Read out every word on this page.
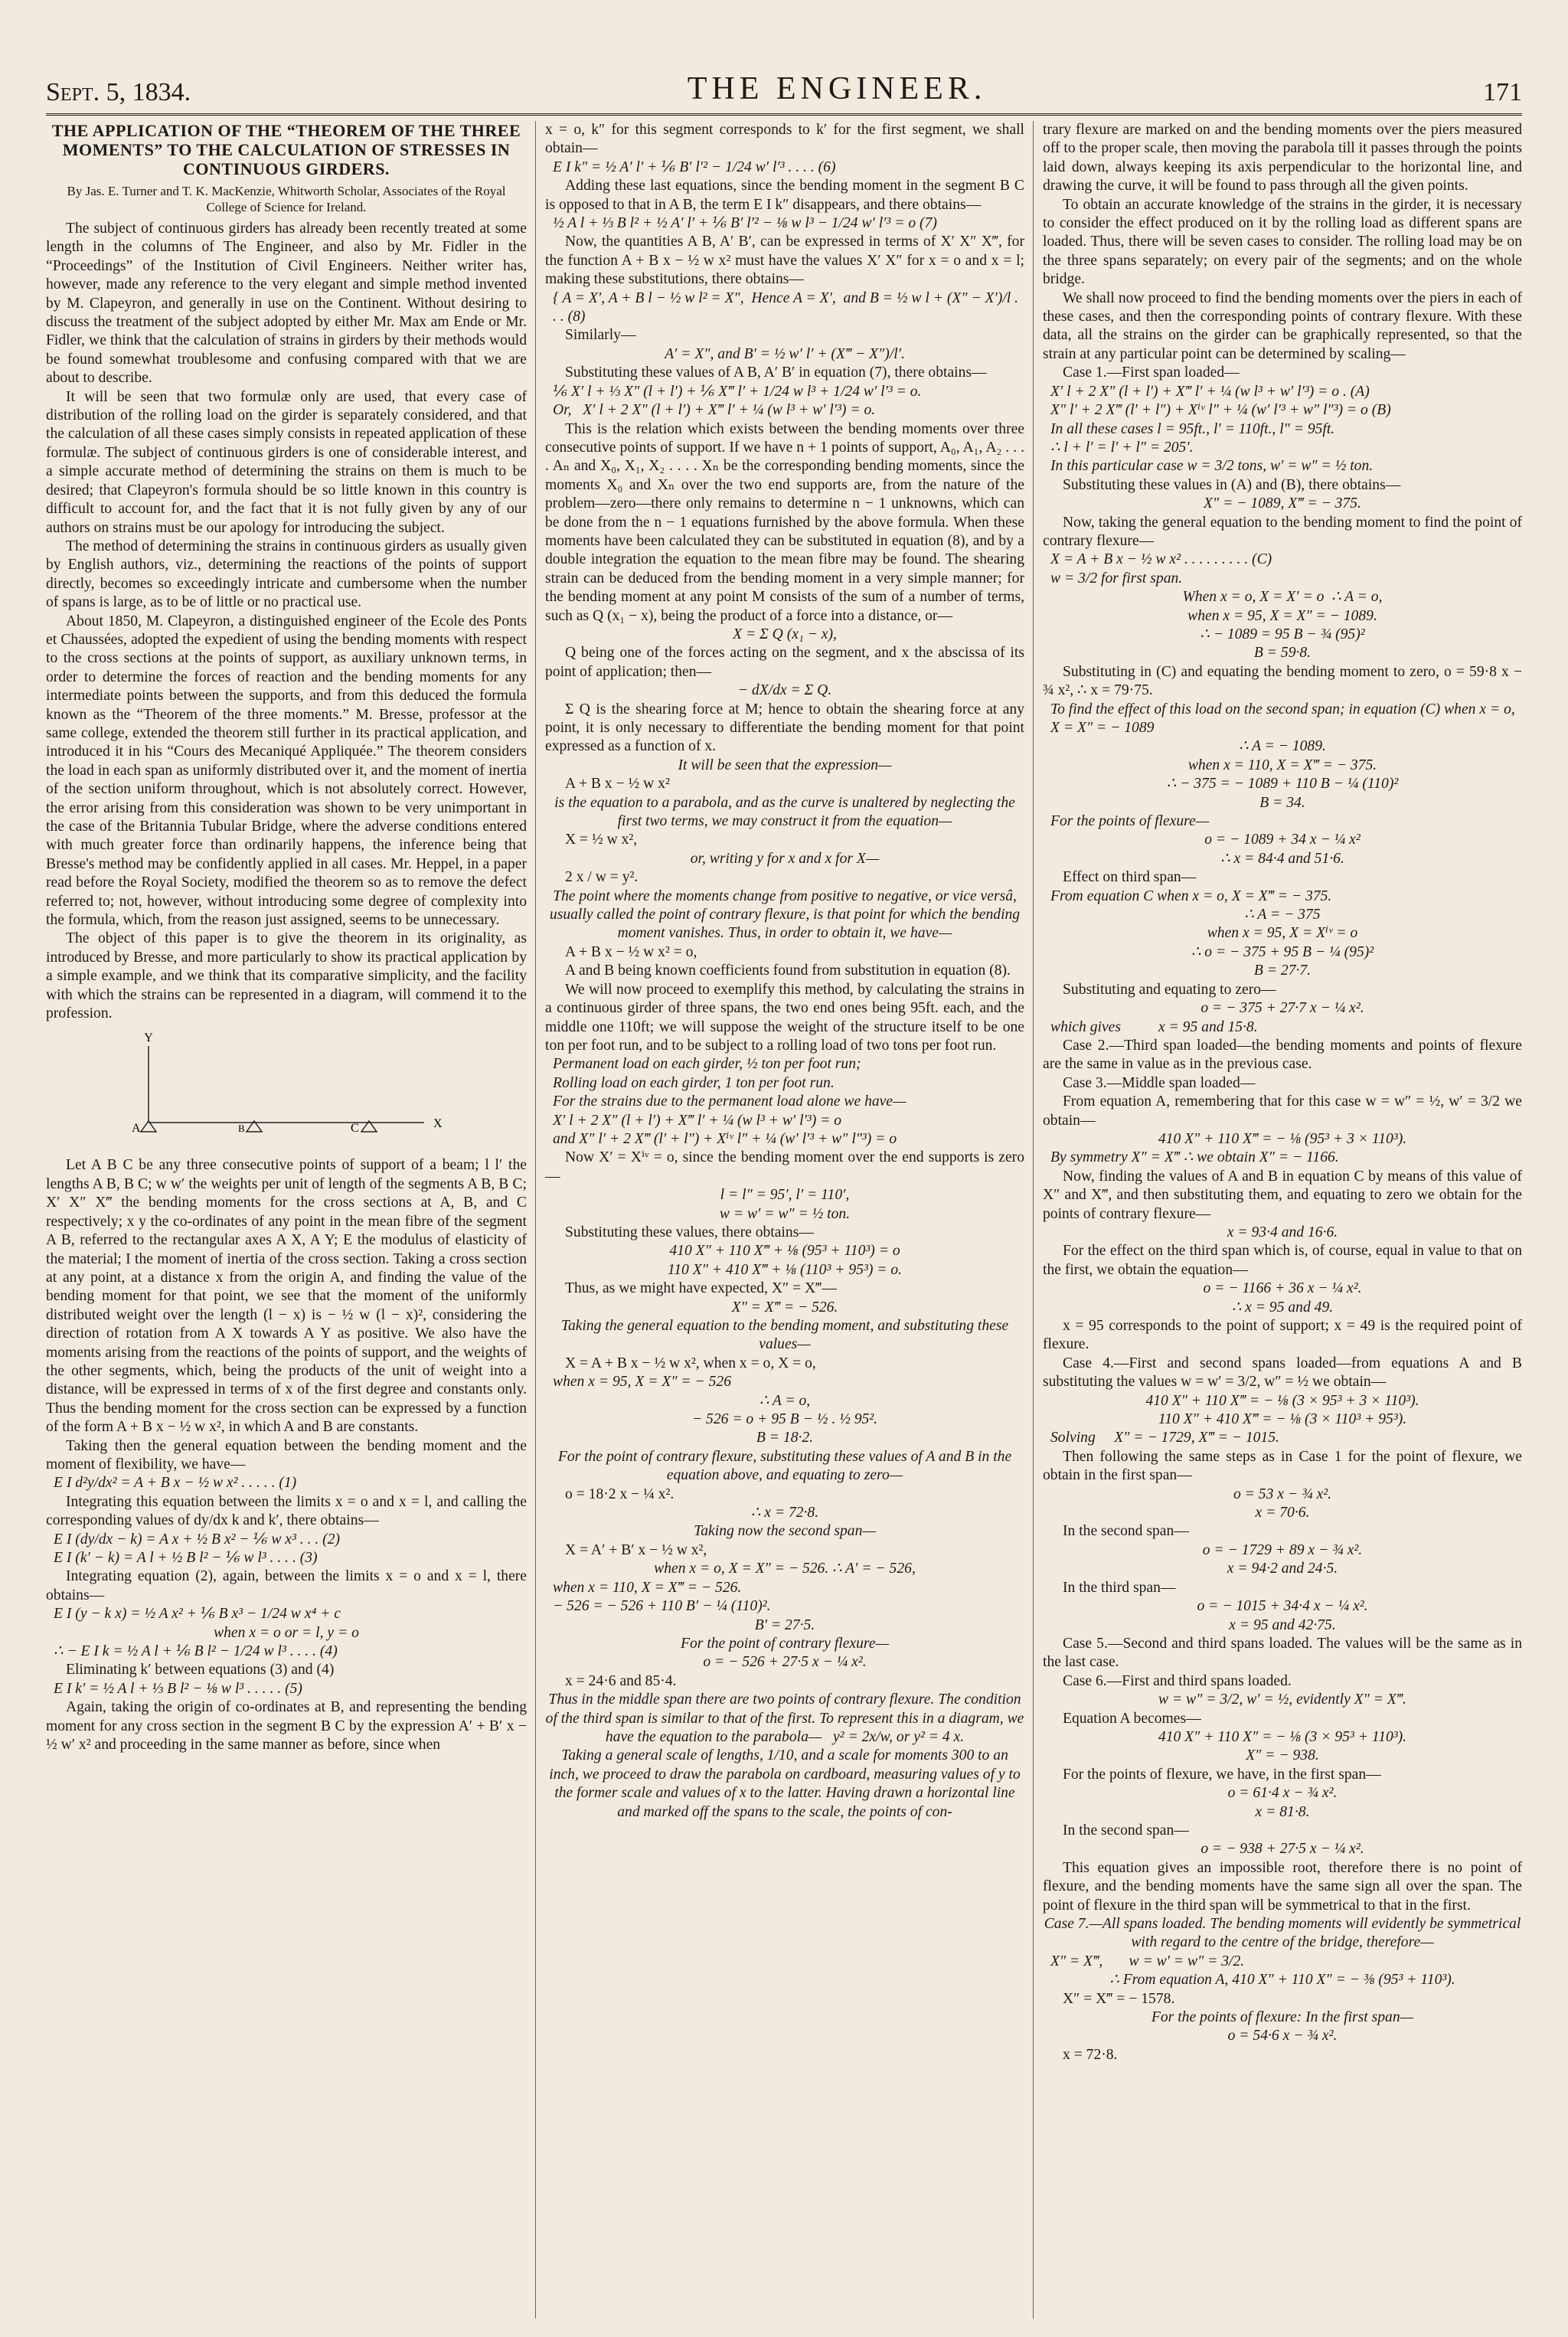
Sept. 5, 1834.	THE ENGINEER.	171
THE APPLICATION OF THE “THEOREM OF THE THREE MOMENTS” TO THE CALCULATION OF STRESSES IN CONTINUOUS GIRDERS.

By Jas. E. Turner and T. K. MacKenzie, Whitworth Scholar, Associates of the Royal College of Science for Ireland.

The subject of continuous girders has already been recently treated at some length in the columns of The Engineer, and also by Mr. Fidler in the “Proceedings” of the Institution of Civil Engineers. Neither writer has, however, made any reference to the very elegant and simple method invented by M. Clapeyron, and generally in use on the Continent. Without desiring to discuss the treatment of the subject adopted by either Mr. Max am Ende or Mr. Fidler, we think that the calculation of strains in girders by their methods would be found somewhat troublesome and confusing compared with that we are about to describe.

It will be seen that two formulæ only are used, that every case of distribution of the rolling load on the girder is separately considered, and that the calculation of all these cases simply consists in repeated application of these formulæ. The subject of continuous girders is one of considerable interest, and a simple accurate method of determining the strains on them is much to be desired; that Clapeyron's formula should be so little known in this country is difficult to account for, and the fact that it is not fully given by any of our authors on strains must be our apology for introducing the subject.

The method of determining the strains in continuous girders as usually given by English authors, viz., determining the reactions of the points of support directly, becomes so exceedingly intricate and cumbersome when the number of spans is large, as to be of little or no practical use.

About 1850, M. Clapeyron, a distinguished engineer of the Ecole des Ponts et Chaussées, adopted the expedient of using the bending moments with respect to the cross sections at the points of support, as auxiliary unknown terms, in order to determine the forces of reaction and the bending moments for any intermediate points between the supports, and from this deduced the formula known as the “Theorem of the three moments.” M. Bresse, professor at the same college, extended the theorem still further in its practical application, and introduced it in his “Cours des Mecaniqué Appliquée.” The theorem considers the load in each span as uniformly distributed over it, and the moment of inertia of the section uniform throughout, which is not absolutely correct. However, the error arising from this consideration was shown to be very unimportant in the case of the Britannia Tubular Bridge, where the adverse conditions entered with much greater force than ordinarily happens, the inference being that Bresse's method may be confidently applied in all cases. Mr. Heppel, in a paper read before the Royal Society, modified the theorem so as to remove the defect referred to; not, however, without introducing some degree of complexity into the formula, which, from the reason just assigned, seems to be unnecessary.

The object of this paper is to give the theorem in its originality, as introduced by Bresse, and more particularly to show its practical application by a simple example, and we think that its comparative simplicity, and the facility with which the strains can be represented in a diagram, will commend it to the profession.

Y
X
A	B	C

Let A B C be any three consecutive points of support of a beam; l l′ the lengths A B, B C; w w′ the weights per unit of length of the segments A B, B C; X′ X″ X‴ the bending moments for the cross sections at A, B, and C respectively; x y the co-ordinates of any point in the mean fibre of the segment A B, referred to the rectangular axes A X, A Y; E the modulus of elasticity of the material; I the moment of inertia of the cross section. Taking a cross section at any point, at a distance x from the origin A, and finding the value of the bending moment for that point, we see that the moment of the uniformly distributed weight over the length (l − x) is − ½ w (l − x)², considering the direction of rotation from A X towards A Y as positive. We also have the moments arising from the reactions of the points of support, and the weights of the other segments, which, being the products of the unit of weight into a distance, will be expressed in terms of x of the first degree and constants only. Thus the bending moment for the cross section can be expressed by a function of the form A + B x − ½ w x², in which A and B are constants.

Taking then the general equation between the bending moment and the moment of flexibility, we have—

E I d²y/dx² = A + B x − ½ w x² . . . . . (1)

Integrating this equation between the limits x = o and x = l, and calling the corresponding values of dy/dx k and k′, there obtains—

E I (dy/dx − k) = A x + ½ B x² − ⅙ w x³ . . . (2)

E I (k′ − k) = A l + ½ B l² − ⅙ w l³ . . . . (3)

Integrating equation (2), again, between the limits x = o and x = l, there obtains—

E I (y − k x) = ½ A x² + ⅙ B x³ − 1/24 w x⁴ + c

when x = o or = l, y = o

∴ − E I k = ½ A l + ⅙ B l² − 1/24 w l³ . . . . (4)

Eliminating k′ between equations (3) and (4)

E I k′ = ½ A l + ⅓ B l² − ⅛ w l³ . . . . . (5)

Again, taking the origin of co-ordinates at B, and representing the bending moment for any cross section in the segment B C by the expression A′ + B′ x − ½ w′ x² and proceeding in the same manner as before, since when

x = o, k″ for this segment corresponds to k′ for the first segment, we shall obtain—

E I k″ = ½ A′ l′ + ⅙ B′ l′² − 1/24 w′ l′³ . . . . (6)

Adding these last equations, since the bending moment in the segment B C is opposed to that in A B, the term E I k″ disappears, and there obtains—

½ A l + ⅓ B l² + ½ A′ l′ + ⅙ B′ l′² − ⅛ w l³ − 1/24 w′ l′³ = o (7)

Now, the quantities A B, A′ B′, can be expressed in terms of X′ X″ X‴, for the function A + B x − ½ w x² must have the values X′ X″ for x = o and x = l; making these substitutions, there obtains—

{ A = X′, A + B l − ½ w l² = X″,  Hence A = X′,  and B = ½ w l + (X″ − X′)/l . . . (8)

Similarly—

A′ = X″, and B′ = ½ w′ l′ + (X‴ − X″)/l′.

Substituting these values of A B, A′ B′ in equation (7), there obtains—

⅙ X′ l + ⅓ X″ (l + l′) + ⅙ X‴ l′ + 1/24 w l³ + 1/24 w′ l′³ = o.

Or,   X′ l + 2 X″ (l + l′) + X‴ l′ + ¼ (w l³ + w′ l′³) = o.

This is the relation which exists between the bending moments over three consecutive points of support. If we have n + 1 points of support, A₀, A₁, A₂ . . . . Aₙ and X₀, X₁, X₂ . . . . Xₙ be the corresponding bending moments, since the moments X₀ and Xₙ over the two end supports are, from the nature of the problem—zero—there only remains to determine n − 1 unknowns, which can be done from the n − 1 equations furnished by the above formula. When these moments have been calculated they can be substituted in equation (8), and by a double integration the equation to the mean fibre may be found. The shearing strain can be deduced from the bending moment in a very simple manner; for the bending moment at any point M consists of the sum of a number of terms, such as Q (x₁ − x), being the product of a force into a distance, or—

X = Σ Q (x₁ − x),

Q being one of the forces acting on the segment, and x the abscissa of its point of application; then—

− dX/dx = Σ Q.

Σ Q is the shearing force at M; hence to obtain the shearing force at any point, it is only necessary to differentiate the bending moment for that point expressed as a function of x.

It will be seen that the expression—

A + B x − ½ w x²

is the equation to a parabola, and as the curve is unaltered by neglecting the first two terms, we may construct it from the equation—

X = ½ w x²,

or, writing y for x and x for X—

2 x / w = y².

The point where the moments change from positive to negative, or vice versâ, usually called the point of contrary flexure, is that point for which the bending moment vanishes. Thus, in order to obtain it, we have—

A + B x − ½ w x² = o,

A and B being known coefficients found from substitution in equation (8).

We will now proceed to exemplify this method, by calculating the strains in a continuous girder of three spans, the two end ones being 95ft. each, and the middle one 110ft; we will suppose the weight of the structure itself to be one ton per foot run, and to be subject to a rolling load of two tons per foot run.

Permanent load on each girder, ½ ton per foot run;

Rolling load on each girder, 1 ton per foot run.

For the strains due to the permanent load alone we have—

X′ l + 2 X″ (l + l′) + X‴ l′ + ¼ (w l³ + w′ l′³) = o

and X″ l′ + 2 X‴ (l′ + l″) + Xⁱᵛ l″ + ¼ (w′ l′³ + w″ l″³) = o

Now X′ = Xⁱᵛ = o, since the bending moment over the end supports is zero—

l = l″ = 95′, l′ = 110′,

w = w′ = w″ = ½ ton.

Substituting these values, there obtains—

410 X″ + 110 X‴ + ⅛ (95³ + 110³) = o

110 X″ + 410 X‴ + ⅛ (110³ + 95³) = o.

Thus, as we might have expected, X″ = X‴—

X″ = X‴ = − 526.

Taking the general equation to the bending moment, and substituting these values—

X = A + B x − ½ w x², when x = o, X = o,

when x = 95, X = X″ = − 526

∴ A = o,

− 526 = o + 95 B − ½ . ½ 95².

B = 18·2.

For the point of contrary flexure, substituting these values of A and B in the equation above, and equating to zero—

o = 18·2 x − ¼ x².

∴ x = 72·8.

Taking now the second span—

X = A′ + B′ x − ½ w x²,

when x = o, X = X″ = − 526. ∴ A′ = − 526,

when x = 110, X = X‴ = − 526.

− 526 = − 526 + 110 B′ − ¼ (110)².

B′ = 27·5.

For the point of contrary flexure—

o = − 526 + 27·5 x − ¼ x².

x = 24·6 and 85·4.

Thus in the middle span there are two points of contrary flexure. The condition of the third span is similar to that of the first. To represent this in a diagram, we have the equation to the parabola—   y² = 2x/w, or y² = 4 x.

Taking a general scale of lengths, 1/10, and a scale for moments 300 to an inch, we proceed to draw the parabola on cardboard, measuring values of y to the former scale and values of x to the latter. Having drawn a horizontal line and marked off the spans to the scale, the points of con-

trary flexure are marked on and the bending moments over the piers measured off to the proper scale, then moving the parabola till it passes through the points laid down, always keeping its axis perpendicular to the horizontal line, and drawing the curve, it will be found to pass through all the given points.

To obtain an accurate knowledge of the strains in the girder, it is necessary to consider the effect produced on it by the rolling load as different spans are loaded. Thus, there will be seven cases to consider. The rolling load may be on the three spans separately; on every pair of the segments; and on the whole bridge.

We shall now proceed to find the bending moments over the piers in each of these cases, and then the corresponding points of contrary flexure. With these data, all the strains on the girder can be graphically represented, so that the strain at any particular point can be determined by scaling—

Case 1.—First span loaded—

X′ l + 2 X″ (l + l′) + X‴ l′ + ¼ (w l³ + w′ l′³) = o . (A)

X″ l′ + 2 X‴ (l′ + l″) + Xⁱᵛ l″ + ¼ (w′ l′³ + w″ l″³) = o (B)

In all these cases l = 95ft., l′ = 110ft., l″ = 95ft.

∴ l + l′ = l′ + l″ = 205′.

In this particular case w = 3/2 tons, w′ = w″ = ½ ton.

Substituting these values in (A) and (B), there obtains—

X″ = − 1089, X‴ = − 375.

Now, taking the general equation to the bending moment to find the point of contrary flexure—

X = A + B x − ½ w x² . . . . . . . . . (C)

w = 3/2 for first span.

When x = o, X = X′ = o  ∴ A = o,

when x = 95, X = X″ = − 1089.

∴ − 1089 = 95 B − ¾ (95)²

B = 59·8.

Substituting in (C) and equating the bending moment to zero, o = 59·8 x − ¾ x², ∴ x = 79·75.

To find the effect of this load on the second span; in equation (C) when x = o, X = X″ = − 1089

∴ A = − 1089.

when x = 110, X = X‴ = − 375.

∴ − 375 = − 1089 + 110 B − ¼ (110)²

B = 34.

For the points of flexure—

o = − 1089 + 34 x − ¼ x²

∴ x = 84·4 and 51·6.

Effect on third span—

From equation C when x = o, X = X‴ = − 375.

∴ A = − 375

when x = 95, X = Xⁱᵛ = o

∴ o = − 375 + 95 B − ¼ (95)²

B = 27·7.

Substituting and equating to zero—

o = − 375 + 27·7 x − ¼ x².

which gives          x = 95 and 15·8.

Case 2.—Third span loaded—the bending moments and points of flexure are the same in value as in the previous case.

Case 3.—Middle span loaded—

From equation A, remembering that for this case w = w″ = ½, w′ = 3/2 we obtain—

410 X″ + 110 X‴ = − ⅛ (95³ + 3 × 110³).

By symmetry X″ = X‴ ∴ we obtain X″ = − 1166.

Now, finding the values of A and B in equation C by means of this value of X″ and X‴, and then substituting them, and equating to zero we obtain for the points of contrary flexure—

x = 93·4 and 16·6.

For the effect on the third span which is, of course, equal in value to that on the first, we obtain the equation—

o = − 1166 + 36 x − ¼ x².

∴ x = 95 and 49.

x = 95 corresponds to the point of support; x = 49 is the required point of flexure.

Case 4.—First and second spans loaded—from equations A and B substituting the values w = w′ = 3/2, w″ = ½ we obtain—

410 X″ + 110 X‴ = − ⅛ (3 × 95³ + 3 × 110³).

110 X″ + 410 X‴ = − ⅛ (3 × 110³ + 95³).

Solving     X″ = − 1729, X‴ = − 1015.

Then following the same steps as in Case 1 for the point of flexure, we obtain in the first span—

o = 53 x − ¾ x².

x = 70·6.

In the second span—

o = − 1729 + 89 x − ¾ x².

x = 94·2 and 24·5.

In the third span—

o = − 1015 + 34·4 x − ¼ x².

x = 95 and 42·75.

Case 5.—Second and third spans loaded. The values will be the same as in the last case.

Case 6.—First and third spans loaded.

w = w″ = 3/2, w′ = ½, evidently X″ = X‴.

Equation A becomes—

410 X″ + 110 X″ = − ⅛ (3 × 95³ + 110³).

X″ = − 938.

For the points of flexure, we have, in the first span—

o = 61·4 x − ¾ x².

x = 81·8.

In the second span—

o = − 938 + 27·5 x − ¼ x².

This equation gives an impossible root, therefore there is no point of flexure, and the bending moments have the same sign all over the span. The point of flexure in the third span will be symmetrical to that in the first.

Case 7.—All spans loaded. The bending moments will evidently be symmetrical with regard to the centre of the bridge, therefore—

X″ = X‴,       w = w′ = w″ = 3/2.

∴ From equation A, 410 X″ + 110 X″ = − ⅜ (95³ + 110³).

X″ = X‴ = − 1578.

For the points of flexure: In the first span—

o = 54·6 x − ¾ x².

x = 72·8.
